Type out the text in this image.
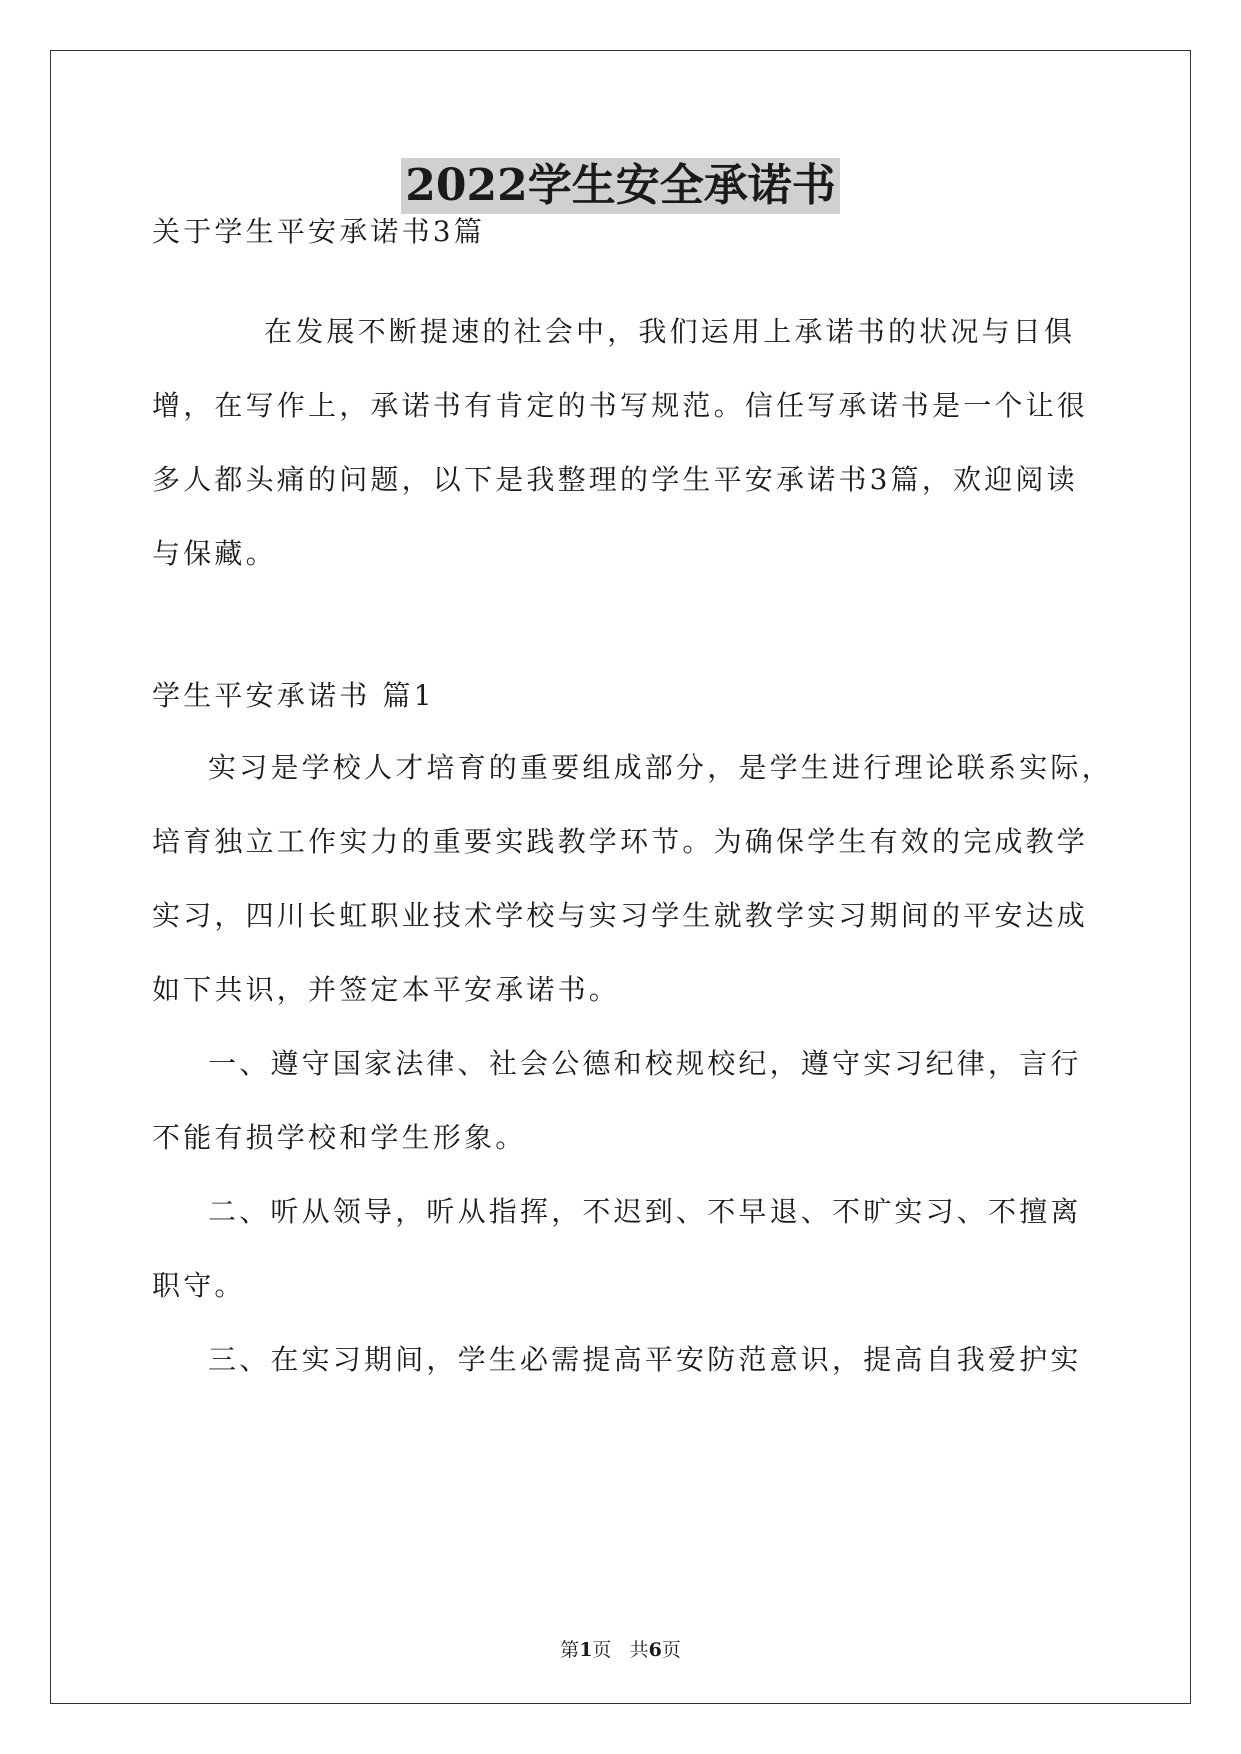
2022学生安全承诺书
关于学生平安承诺书3篇
在发展不断提速的社会中，我们运用上承诺书的状况与日俱
增，在写作上，承诺书有肯定的书写规范。信任写承诺书是一个让很
多人都头痛的问题，以下是我整理的学生平安承诺书3篇，欢迎阅读
与保藏。
学生平安承诺书 篇1
实习是学校人才培育的重要组成部分，是学生进行理论联系实际，
培育独立工作实力的重要实践教学环节。为确保学生有效的完成教学
实习，四川长虹职业技术学校与实习学生就教学实习期间的平安达成
如下共识，并签定本平安承诺书。
一、遵守国家法律、社会公德和校规校纪，遵守实习纪律，言行
不能有损学校和学生形象。
二、听从领导，听从指挥，不迟到、不早退、不旷实习、不擅离
职守。
三、在实习期间，学生必需提高平安防范意识，提高自我爱护实
第1页 共6页
